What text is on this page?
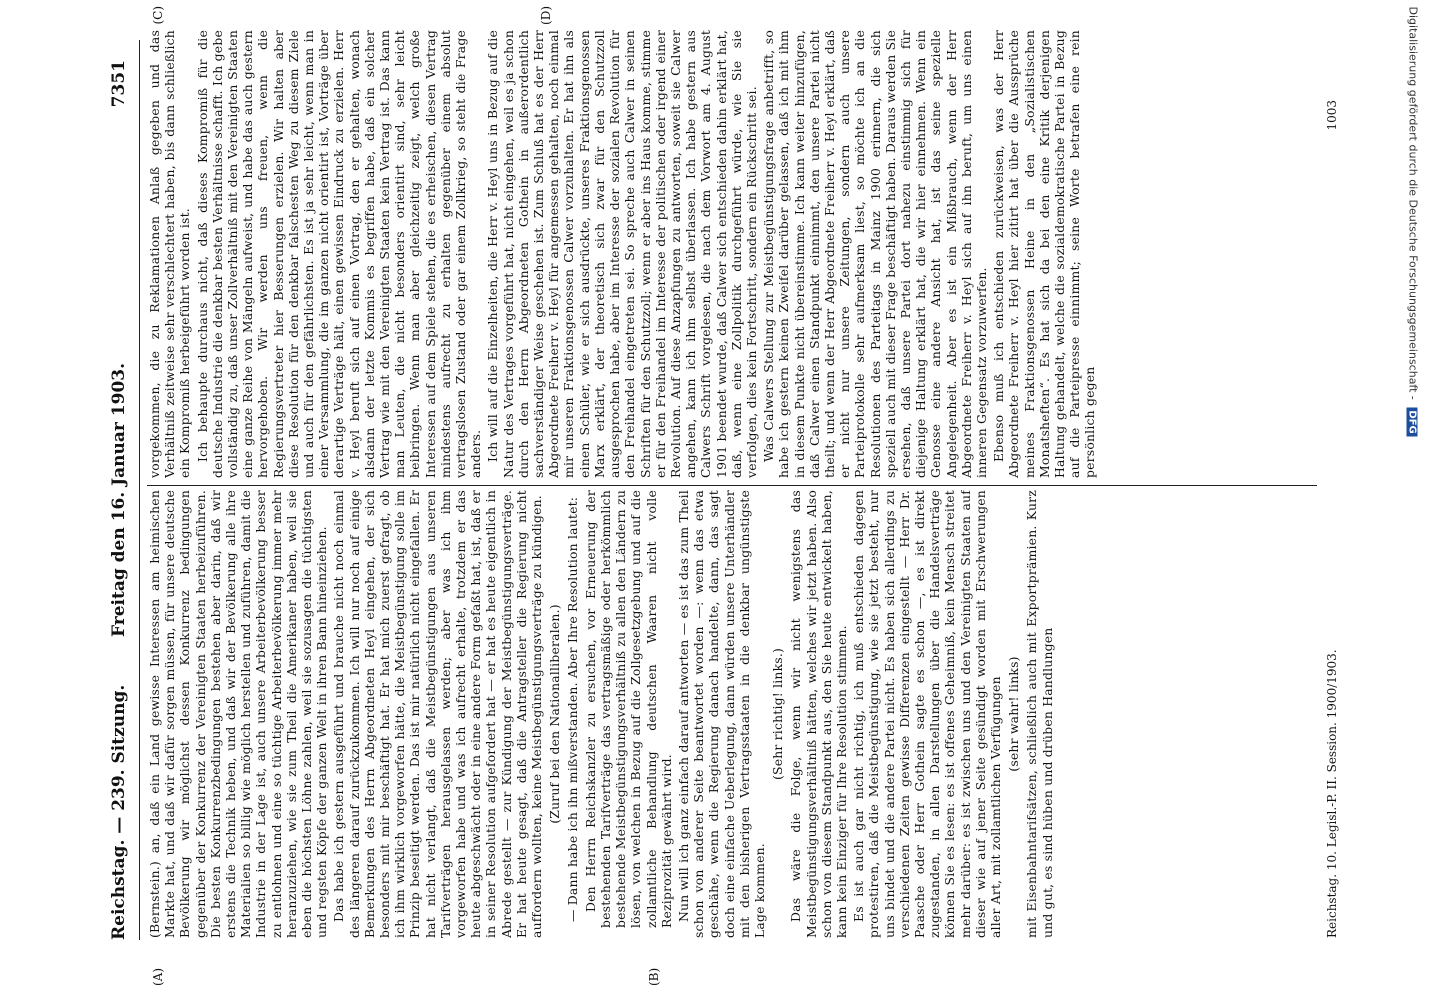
Reichstag. — 239. Sitzung.
Freitag den 16. Januar 1903.
7351
(A)	(B)
(C)	(D)

(Bernstein.) an, daß ein Land gewisse Interessen am heimischen Markte hat, und daß wir dafür sorgen müssen, für unsere deutsche Bevölkerung wir möglichst dessen Konkurrenz bedingungen gegenüber der Konkurrenz der Vereinigten Staaten herbeizuführen. Die besten Konkurrenzbedingungen bestehen aber darin, daß wir erstens die Technik heben, und daß wir der Bevölkerung alle ihre Materialien so billig wie möglich herstellen und zuführen, damit die Industrie in der Lage ist, auch unsere Arbeiterbevölkerung besser zu entlohnen und eine so tüchtige Arbeiterbevölkerung immer mehr heranzuziehen, wie sie zum Theil die Amerikaner haben, weil sie eben die höchsten Löhne zahlen, weil sie sozusagen die tüchtigsten und regsten Köpfe der ganzen Welt in ihren Bann hineinziehen. Das habe ich gestern ausgeführt und brauche nicht noch einmal des längeren darauf zurückzukommen. Ich will nur noch auf einige Bemerkungen des Herrn Abgeordneten Heyl eingehen, der sich besonders mit mir beschäftigt hat. Er hat mich zuerst gefragt, ob ich ihm wirklich vorgeworfen hätte, die Meistbegünstigung solle im Prinzip beseitigt werden. Das ist mir natürlich nicht eingefallen. Er hat nicht verlangt, daß die Meistbegünstigungen aus unseren Tarifverträgen herausgelassen werden; aber was ich ihm vorgeworfen habe und was ich aufrecht erhalte, trotzdem er das heute abgeschwächt oder in eine andere Form gefaßt hat, ist, daß er in seiner Resolution aufgefordert hat — er hat es heute eigentlich in Abrede gestellt — zur Kündigung der Meistbegünstigungsverträge. Er hat heute gesagt, daß die Antragsteller die Regierung nicht auffordern wollten, keine Meistbegünstigungsverträge zu kündigen. (Zuruf bei den Nationalliberalen.) — Dann habe ich ihn mißverstanden. Aber Ihre Resolution lautet: Den Herrn Reichskanzler zu ersuchen, vor Erneuerung der bestehenden Tarifverträge das vertragsmäßige oder herkömmlich bestehende Meistbegünstigungsverhältniß zu allen den Ländern zu lösen, von welchen in Bezug auf die Zollgesetzgebung und auf die zollamtliche Behandlung deutschen Waaren nicht volle Reziprozität gewährt wird. Nun will ich ganz einfach darauf antworten — es ist das zum Theil schon von anderer Seite beantwortet worden —: wenn das etwa geschähe, wenn die Regierung danach handelte, dann, das sagt doch eine einfache Ueberlegung, dann würden unsere Unterhändler mit den bisherigen Vertragsstaaten in die denkbar ungünstigste Lage kommen.

(Sehr richtig! links.) Das wäre die Folge, wenn wir nicht wenigstens das Meistbegünstigungsverhältniß hätten, welches wir jetzt haben. Also schon von diesem Standpunkt aus, den Sie heute entwickelt haben, kann kein Einziger für Ihre Resolution stimmen. Es ist auch gar nicht richtig, ich muß entschieden dagegen protestiren, daß die Meistbegünstigung, wie sie jetzt besteht, nur uns bindet und die andere Partei nicht. Es haben sich allerdings zu verschiedenen Zeiten gewisse Differenzen eingestellt — Herr Dr. Paasche oder Herr Gothein sagte es schon —, es ist direkt zugestanden, in allen Darstellungen über die Handelsverträge können Sie es lesen: es ist offenes Geheimniß, kein Mensch streitet mehr darüber: es ist zwischen uns und den Vereinigten Staaten auf dieser wie auf jener Seite gesündigt worden mit Erschwerungen aller Art, mit zollamtlichen Verfügungen (sehr wahr! links) mit Eisenbahntarifsätzen, schließlich auch mit Exportprämien. Kurz und gut, es sind hüben und drüben Handlungen

vorgekommen, die zu Reklamationen Anlaß gegeben und das Verhältniß zeitweise sehr verschlechtert haben, bis dann schließlich ein Kompromiß herbeigeführt worden ist. Ich behaupte durchaus nicht, daß dieses Kompromiß für die deutsche Industrie die denkbar besten Verhältnisse schafft. Ich gebe vollständig zu, daß unser Zollverhältniß mit den Vereinigten Staaten eine ganze Reihe von Mängeln aufweist, und habe das auch gestern hervorgehoben. Wir werden uns freuen, wenn die Regierungsvertreter hier Besserungen erzielen. Wir halten aber diese Resolution für den denkbar falschesten Weg zu diesem Ziele und auch für den gefährlichsten. Es ist ja sehr leicht, wenn man in einer Versammlung, die im ganzen nicht orientirt ist, Vorträge über derartige Verträge hält, einen gewissen Eindruck zu erzielen. Herr v. Heyl beruft sich auf einen Vortrag, den er gehalten, wonach alsdann der letzte Kommis es begriffen habe, daß ein solcher Vertrag wie mit den Vereinigten Staaten kein Vertrag ist. Das kann man Leuten, die nicht besonders orientirt sind, sehr leicht beibringen. Wenn man aber gleichzeitig zeigt, welch große Interessen auf dem Spiele stehen, die es erheischen, diesen Vertrag mindestens aufrecht zu erhalten gegenüber einem absolut vertragslosen Zustand oder gar einem Zollkrieg, so steht die Frage anders. Ich will auf die Einzelheiten, die Herr v. Heyl uns in Bezug auf die Natur des Vertrages vorgeführt hat, nicht eingehen, weil es ja schon durch den Herrn Abgeordneten Gothein in außerordentlich sachverständiger Weise geschehen ist. Zum Schluß hat es der Herr Abgeordnete Freiherr v. Heyl für angemessen gehalten, noch einmal mir unseren Fraktionsgenossen Calwer vorzuhalten. Er hat ihn als einen Schüler, wie er sich ausdrückte, unseres Fraktionsgenossen Marx erklärt, der theoretisch sich zwar für den Schutzzoll ausgesprochen habe, aber im Interesse der sozialen Revolution für den Freihandel eingetreten sei. So spreche auch Calwer in seinen Schriften für den Schutzzoll; wenn er aber ins Haus komme, stimme er für den Freihandel im Interesse der politischen oder irgend einer Revolution. Auf diese Anzapfungen zu antworten, soweit sie Calwer angehen, kann ich ihm selbst überlassen. Ich habe gestern aus Calwers Schrift vorgelesen, die nach dem Vorwort am 4. August 1901 beendet wurde, daß Calwer sich entschieden dahin erklärt hat, daß, wenn eine Zollpolitik durchgeführt würde, wie Sie sie verfolgen, dies kein Fortschritt, sondern ein Rückschritt sei. Was Calwers Stellung zur Meistbegünstigungsfrage anbetrifft, so habe ich gestern keinen Zweifel darüber gelassen, daß ich mit ihm in diesem Punkte nicht übereinstimme. Ich kann weiter hinzufügen, daß Calwer einen Standpunkt einnimmt, den unsere Partei nicht theilt; und wenn der Herr Abgeordnete Freiherr v. Heyl erklärt, daß er nicht nur unsere Zeitungen, sondern auch unsere Parteiprotokolle sehr aufmerksam liest, so möchte ich an die Resolutionen des Parteitags in Mainz 1900 erinnern, die sich speziell auch mit dieser Frage beschäftigt haben. Daraus werden Sie ersehen, daß unsere Partei dort nahezu einstimmig sich für diejenige Haltung erklärt hat, die wir hier einnehmen. Wenn ein Genosse eine andere Ansicht hat, ist das seine spezielle Angelegenheit. Aber es ist ein Mißbrauch, wenn der Herr Abgeordnete Freiherr v. Heyl sich auf ihn beruft, um uns einen inneren Gegensatz vorzuwerfen. Ebenso muß ich entschieden zurückweisen, was der Herr Abgeordnete Freiherr v. Heyl hier zitirt hat über die Aussprüche meines Fraktionsgenossen Heine in den „Sozialistischen Monatsheften“. Es hat sich da bei den eine Kritik derjenigen Haltung gehandelt, welche die sozialdemokratische Partei in Bezug auf die Parteipresse einnimmt; seine Worte betrafen eine rein persönlich gegen

Reichstag. 10. Legisl.-P. II. Session. 1900/1903.
1003	Digitalisierung gefördert durch die Deutsche Forschungsgemeinschaft - DFG
